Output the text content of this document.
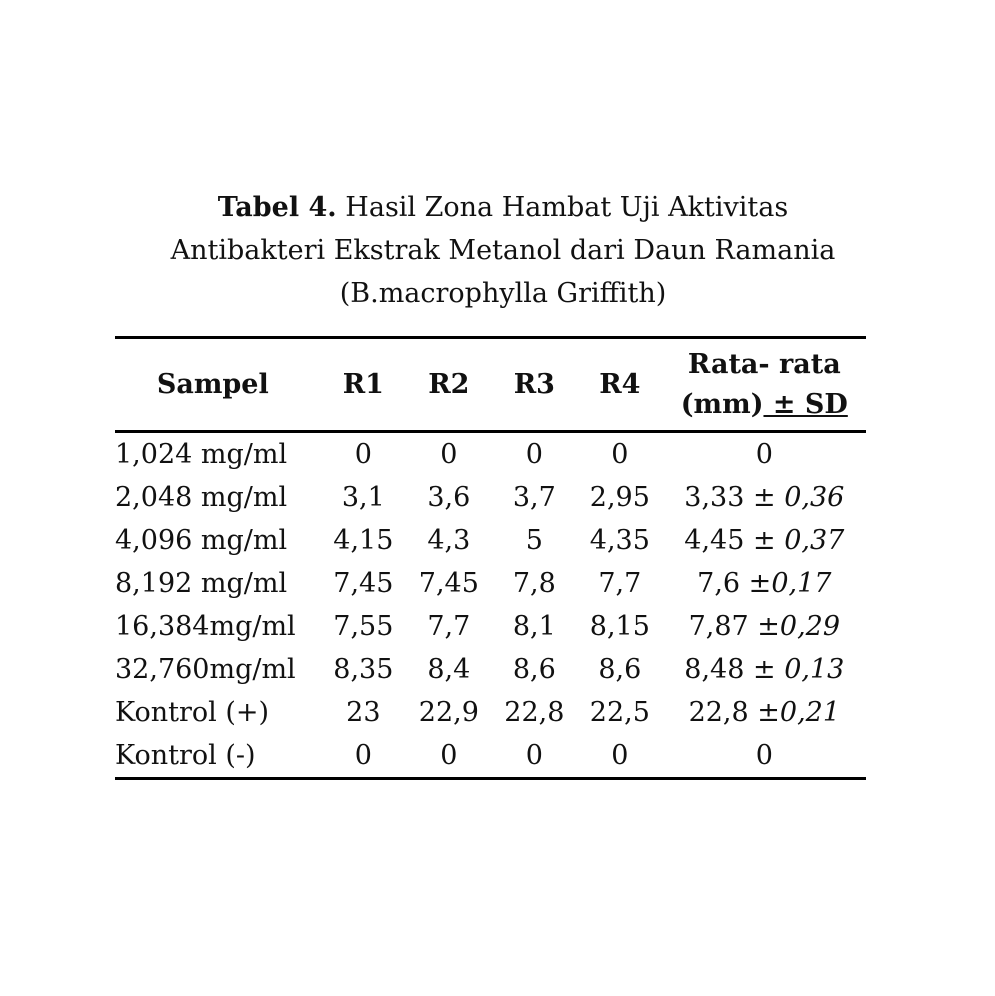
Tabel 4. Hasil Zona Hambat Uji Aktivitas
Antibakteri Ekstrak Metanol dari Daun Ramania
(B.macrophylla Griffith)
Sampel	R1	R2	R3	R4	Rata- rata
(mm) ± SD

1,024 mg/ml	0	0	0	0	0
2,048 mg/ml	3,1	3,6	3,7	2,95	3,33 ± 0,36
4,096 mg/ml	4,15	4,3	5	4,35	4,45 ± 0,37
8,192 mg/ml	7,45	7,45	7,8	7,7	7,6 ±0,17
16,384mg/ml	7,55	7,7	8,1	8,15	7,87 ±0,29
32,760mg/ml	8,35	8,4	8,6	8,6	8,48 ± 0,13
Kontrol (+)	23	22,9	22,8	22,5	22,8 ±0,21
Kontrol (-)	0	0	0	0	0
